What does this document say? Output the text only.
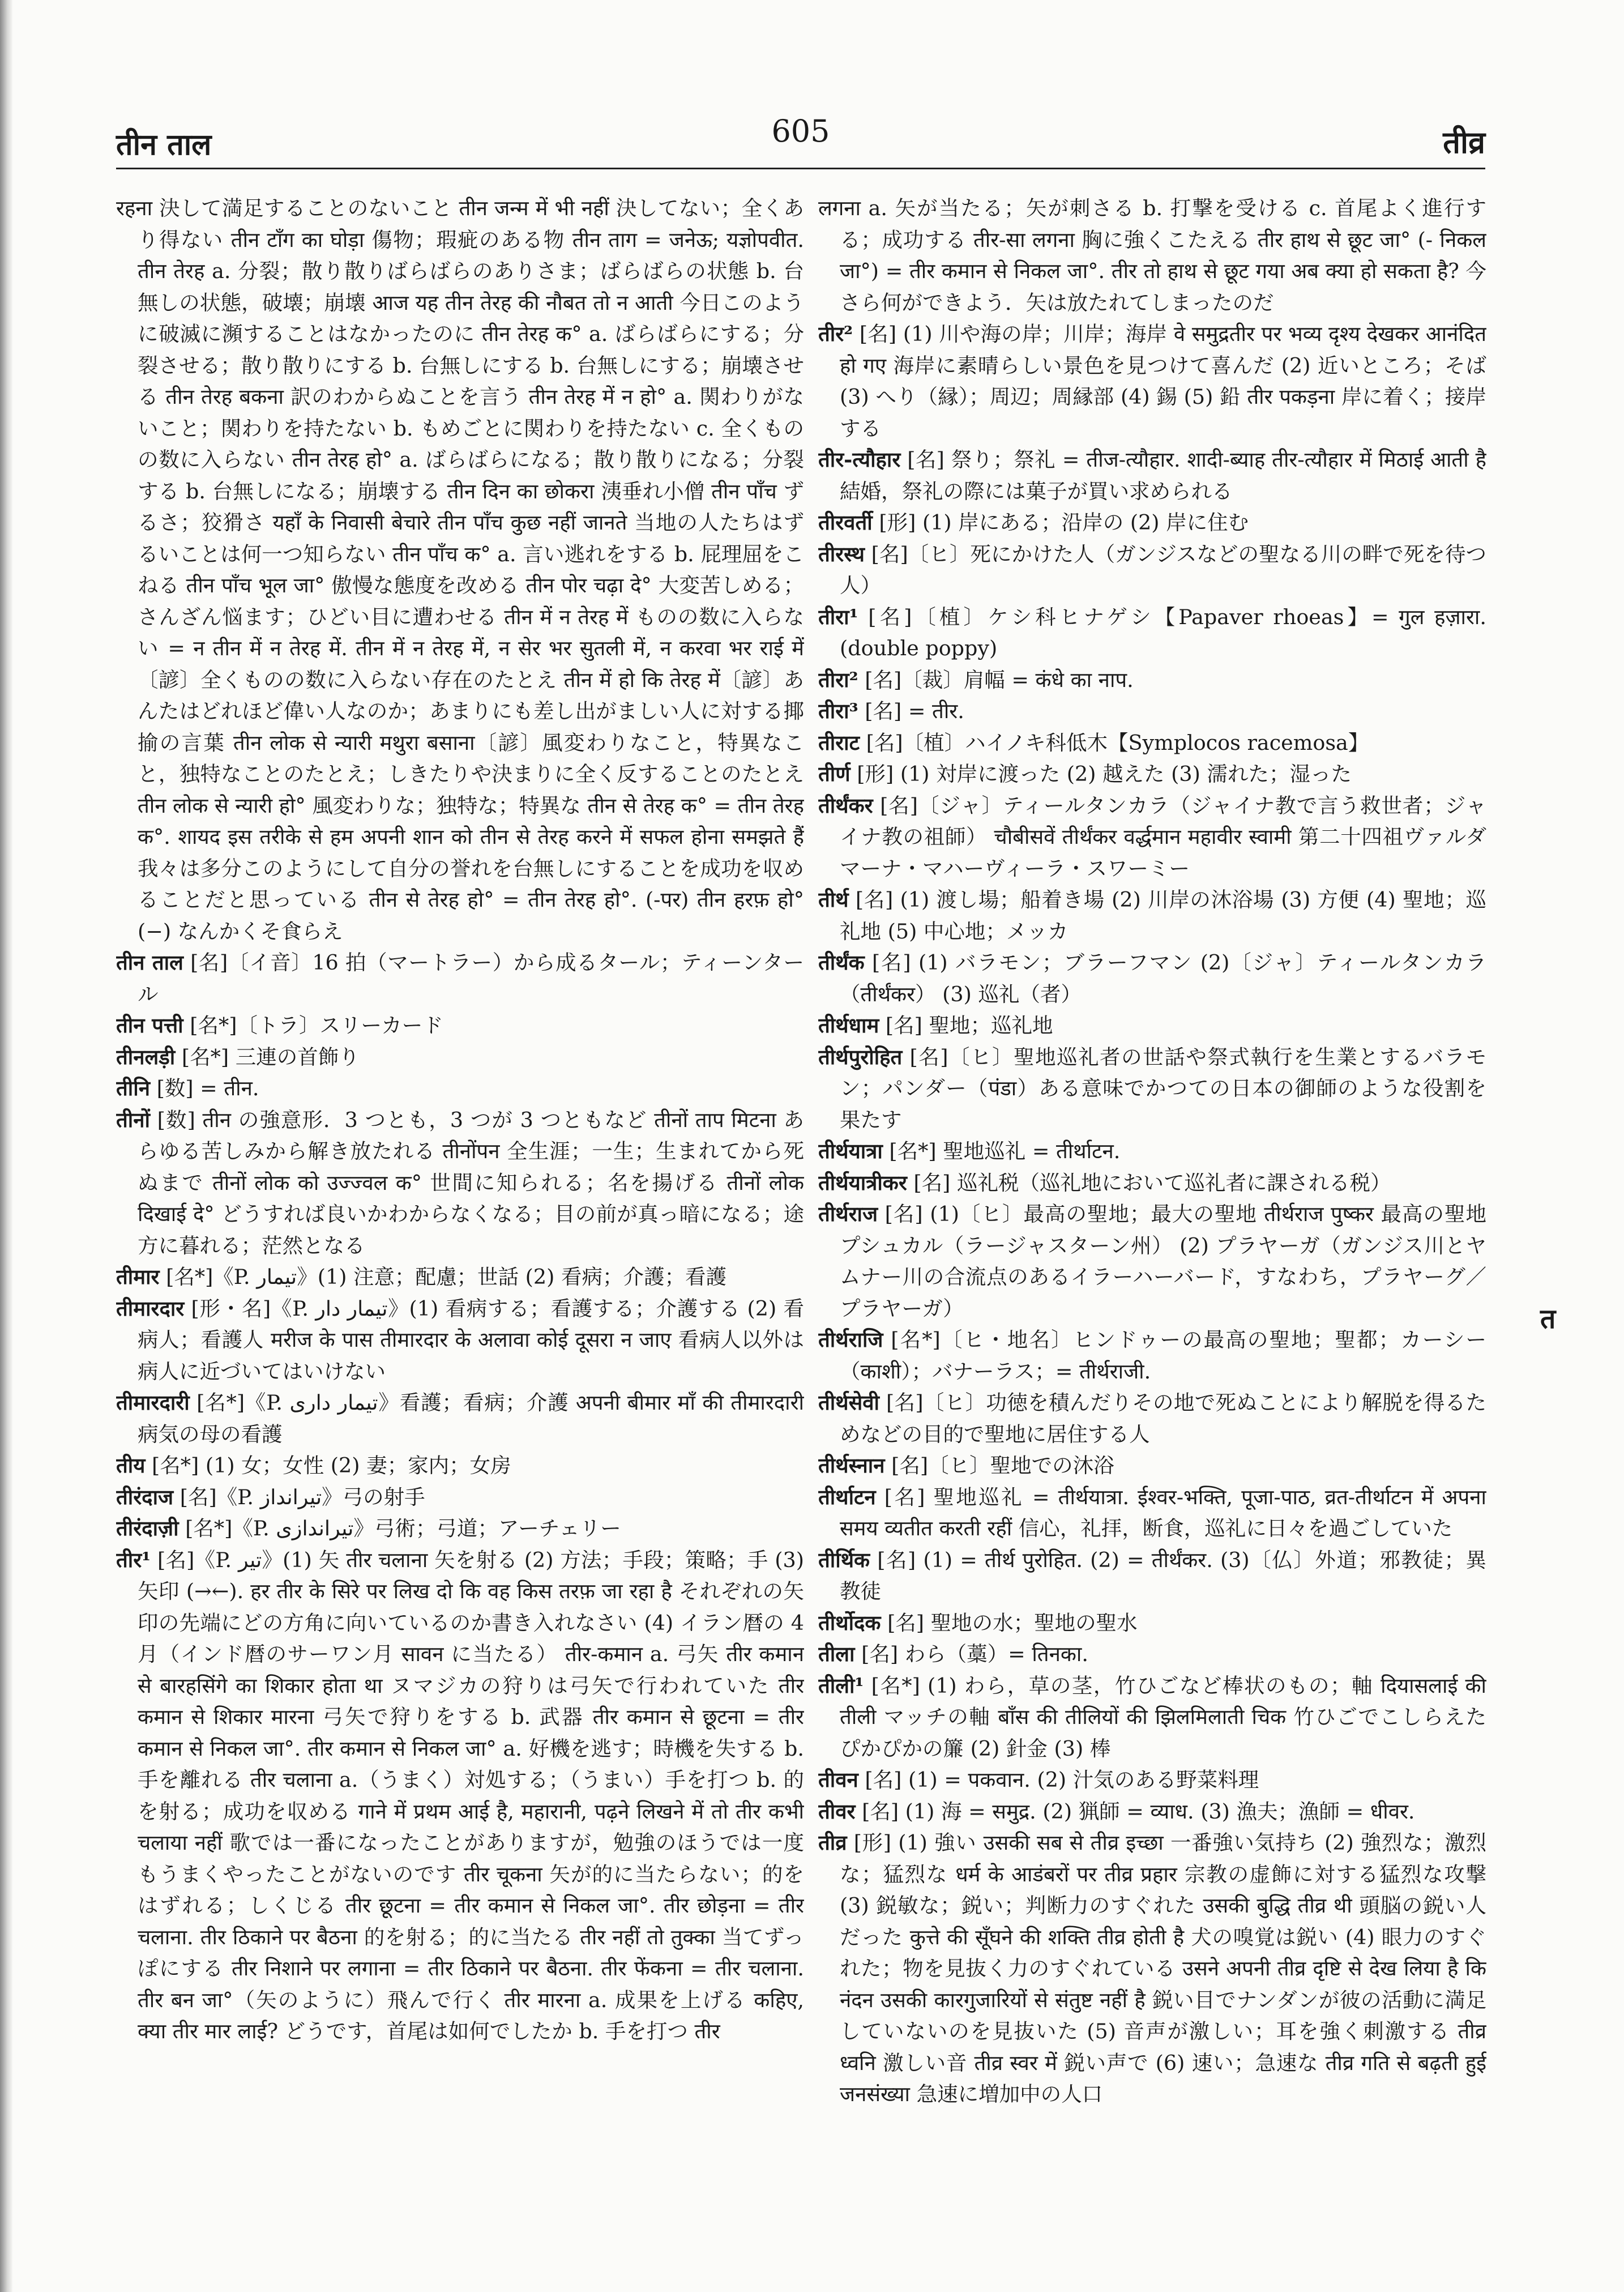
तीन ताल	605	तीव्र

रहना 決して満足することのないこと तीन जन्म में भी नहीं 決してない；全くあり得ない तीन टाँग का घोड़ा 傷物；瑕疵のある物 तीन ताग = जनेऊ; यज्ञोपवीत. तीन तेरह a. 分裂；散り散りばらばらのありさま；ばらばらの状態 b. 台無しの状態，破壊；崩壊 आज यह तीन तेरह की नौबत तो न आती 今日このように破滅に瀕することはなかったのに तीन तेरह क° a. ばらばらにする；分裂させる；散り散りにする b. 台無しにする b. 台無しにする；崩壊させる तीन तेरह बकना 訳のわからぬことを言う तीन तेरह में न हो° a. 関わりがないこと；関わりを持たない b. もめごとに関わりを持たない c. 全くものの数に入らない तीन तेरह हो° a. ばらばらになる；散り散りになる；分裂する b. 台無しになる；崩壊する तीन दिन का छोकरा 洟垂れ小僧 तीन पाँच ずるさ；狡猾さ यहाँ के निवासी बेचारे तीन पाँच कुछ नहीं जानते 当地の人たちはずるいことは何一つ知らない तीन पाँच क° a. 言い逃れをする b. 屁理屈をこねる तीन पाँच भूल जा° 傲慢な態度を改める तीन पोर चढ़ा दे° 大変苦しめる；さんざん悩ます；ひどい目に遭わせる तीन में न तेरह में ものの数に入らない = न तीन में न तेरह में. तीन में न तेरह में, न सेर भर सुतली में, न करवा भर राई में〔諺〕全くものの数に入らない存在のたとえ तीन में हो कि तेरह में〔諺〕あんたはどれほど偉い人なのか；あまりにも差し出がましい人に対する揶揄の言葉 तीन लोक से न्यारी मथुरा बसाना〔諺〕風変わりなこと，特異なこと，独特なことのたとえ；しきたりや決まりに全く反することのたとえ तीन लोक से न्यारी हो° 風変わりな；独特な；特異な तीन से तेरह क° = तीन तेरह क°. शायद इस तरीके से हम अपनी शान को तीन से तेरह करने में सफल होना समझते हैं 我々は多分このようにして自分の誉れを台無しにすることを成功を収めることだと思っている तीन से तेरह हो° = तीन तेरह हो°. (-पर) तीन हरफ़ हो° (−) なんかくそ食らえ

तीन ताल [名]〔イ音〕16 拍（マートラー）から成るタール；ティーンタール

तीन पत्ती [名*]〔トラ〕スリーカード

तीनलड़ी [名*] 三連の首飾り

तीनि [数] = तीन.

तीनों [数] तीन の強意形．3 つとも，3 つが 3 つともなど तीनों ताप मिटना あらゆる苦しみから解き放たれる तीनोंपन 全生涯；一生；生まれてから死ぬまで तीनों लोक को उज्ज्वल क° 世間に知られる；名を揚げる तीनों लोक दिखाई दे° どうすれば良いかわからなくなる；目の前が真っ暗になる；途方に暮れる；茫然となる

तीमार [名*]《P. تیمار》(1) 注意；配慮；世話 (2) 看病；介護；看護

तीमारदार [形・名]《P. تیمار دار》(1) 看病する；看護する；介護する (2) 看病人；看護人 मरीज के पास तीमारदार के अलावा कोई दूसरा न जाए 看病人以外は病人に近づいてはいけない

तीमारदारी [名*]《P. تیمار داری》看護；看病；介護 अपनी बीमार माँ की तीमारदारी 病気の母の看護

तीय [名*] (1) 女；女性 (2) 妻；家内；女房

तीरंदाज [名]《P. تیرانداز》弓の射手

तीरंदाज़ी [名*]《P. تیراندازی》弓術；弓道；アーチェリー

तीर¹ [名]《P. تیر》(1) 矢 तीर चलाना 矢を射る (2) 方法；手段；策略；手 (3) 矢印 (→←). हर तीर के सिरे पर लिख दो कि वह किस तरफ़ जा रहा है それぞれの矢印の先端にどの方角に向いているのか書き入れなさい (4) イラン暦の 4 月（インド暦のサーワン月 सावन に当たる） तीर-कमान a. 弓矢 तीर कमान से बारहसिंगे का शिकार होता था ヌマジカの狩りは弓矢で行われていた तीर कमान से शिकार मारना 弓矢で狩りをする b. 武器 तीर कमान से छूटना = तीर कमान से निकल जा°. तीर कमान से निकल जा° a. 好機を逃す；時機を失する b. 手を離れる तीर चलाना a.（うまく）対処する；（うまい）手を打つ b. 的を射る；成功を収める गाने में प्रथम आई है, महारानी, पढ़ने लिखने में तो तीर कभी चलाया नहीं 歌では一番になったことがありますが，勉強のほうでは一度もうまくやったことがないのです तीर चूकना 矢が的に当たらない；的をはずれる；しくじる तीर छूटना = तीर कमान से निकल जा°. तीर छोड़ना = तीर चलाना. तीर ठिकाने पर बैठना 的を射る；的に当たる तीर नहीं तो तुक्का 当てずっぽにする तीर निशाने पर लगाना = तीर ठिकाने पर बैठना. तीर फेंकना = तीर चलाना. तीर बन जा°（矢のように）飛んで行く तीर मारना a. 成果を上げる कहिए, क्या तीर मार लाई? どうです，首尾は如何でしたか b. 手を打つ तीर

लगना a. 矢が当たる；矢が刺さる b. 打撃を受ける c. 首尾よく進行する；成功する तीर-सा लगना 胸に強くこたえる तीर हाथ से छूट जा° (- निकल जा°) = तीर कमान से निकल जा°. तीर तो हाथ से छूट गया अब क्या हो सकता है? 今さら何ができよう．矢は放たれてしまったのだ

तीर² [名] (1) 川や海の岸；川岸；海岸 वे समुद्रतीर पर भव्य दृश्य देखकर आनंदित हो गए 海岸に素晴らしい景色を見つけて喜んだ (2) 近いところ；そば (3) へり（縁）；周辺；周縁部 (4) 錫 (5) 鉛 तीर पकड़ना 岸に着く；接岸する

तीर-त्यौहार [名] 祭り；祭礼 = तीज-त्यौहार. शादी-ब्याह तीर-त्यौहार में मिठाई आती है 結婚，祭礼の際には菓子が買い求められる

तीरवर्ती [形] (1) 岸にある；沿岸の (2) 岸に住む

तीरस्थ [名]〔ヒ〕死にかけた人（ガンジスなどの聖なる川の畔で死を待つ人）

तीरा¹ [名]〔植〕ケシ科ヒナゲシ【Papaver rhoeas】= गुल हज़ारा. (double poppy)

तीरा² [名]〔裁〕肩幅 = कंधे का नाप.

तीरा³ [名] = तीर.

तीराट [名]〔植〕ハイノキ科低木【Symplocos racemosa】

तीर्ण [形] (1) 対岸に渡った (2) 越えた (3) 濡れた；湿った

तीर्थंकर [名]〔ジャ〕ティールタンカラ（ジャイナ教で言う救世者；ジャイナ教の祖師） चौबीसवें तीर्थंकर वर्द्धमान महावीर स्वामी 第二十四祖ヴァルダマーナ・マハーヴィーラ・スワーミー

तीर्थ [名] (1) 渡し場；船着き場 (2) 川岸の沐浴場 (3) 方便 (4) 聖地；巡礼地 (5) 中心地；メッカ

तीर्थंक [名] (1) バラモン；ブラーフマン (2)〔ジャ〕ティールタンカラ（तीर्थंकर） (3) 巡礼（者）

तीर्थधाम [名] 聖地；巡礼地

तीर्थपुरोहित [名]〔ヒ〕聖地巡礼者の世話や祭式執行を生業とするバラモン；パンダー（पंडा）ある意味でかつての日本の御師のような役割を果たす

तीर्थयात्रा [名*] 聖地巡礼 = तीर्थाटन.

तीर्थयात्रीकर [名] 巡礼税（巡礼地において巡礼者に課される税）

तीर्थराज [名] (1)〔ヒ〕最高の聖地；最大の聖地 तीर्थराज पुष्कर 最高の聖地プシュカル（ラージャスターン州） (2) プラヤーガ（ガンジス川とヤムナー川の合流点のあるイラーハーバード，すなわち，プラヤーグ／プラヤーガ）

तीर्थराजि [名*]〔ヒ・地名〕ヒンドゥーの最高の聖地；聖都；カーシー（काशी）；バナーラス；= तीर्थराजी.

तीर्थसेवी [名]〔ヒ〕功徳を積んだりその地で死ぬことにより解脱を得るためなどの目的で聖地に居住する人

तीर्थस्नान [名]〔ヒ〕聖地での沐浴

तीर्थाटन [名] 聖地巡礼 = तीर्थयात्रा. ईश्वर-भक्ति, पूजा-पाठ, व्रत-तीर्थाटन में अपना समय व्यतीत करती रहीं 信心，礼拝，断食，巡礼に日々を過ごしていた

तीर्थिक [名] (1) = तीर्थ पुरोहित. (2) = तीर्थंकर. (3)〔仏〕外道；邪教徒；異教徒

तीर्थोदक [名] 聖地の水；聖地の聖水

तीला [名] わら（藁）= तिनका.

तीली¹ [名*] (1) わら，草の茎，竹ひごなど棒状のもの；軸 दियासलाई की तीली マッチの軸 बाँस की तीलियों की झिलमिलाती चिक 竹ひごでこしらえたぴかぴかの簾 (2) 針金 (3) 棒

तीवन [名] (1) = पकवान. (2) 汁気のある野菜料理

तीवर [名] (1) 海 = समुद्र. (2) 猟師 = व्याध. (3) 漁夫；漁師 = धीवर.

तीव्र [形] (1) 強い उसकी सब से तीव्र इच्छा 一番強い気持ち (2) 強烈な；激烈な；猛烈な धर्म के आडंबरों पर तीव्र प्रहार 宗教の虚飾に対する猛烈な攻撃 (3) 鋭敏な；鋭い；判断力のすぐれた उसकी बुद्धि तीव्र थी 頭脳の鋭い人だった कुत्ते की सूँघने की शक्ति तीव्र होती है 犬の嗅覚は鋭い (4) 眼力のすぐれた；物を見抜く力のすぐれている उसने अपनी तीव्र दृष्टि से देख लिया है कि नंदन उसकी कारगुजारियों से संतुष्ट नहीं है 鋭い目でナンダンが彼の活動に満足していないのを見抜いた (5) 音声が激しい；耳を強く刺激する तीव्र ध्वनि 激しい音 तीव्र स्वर में 鋭い声で (6) 速い；急速な तीव्र गति से बढ़ती हुई जनसंख्या 急速に増加中の人口

त
